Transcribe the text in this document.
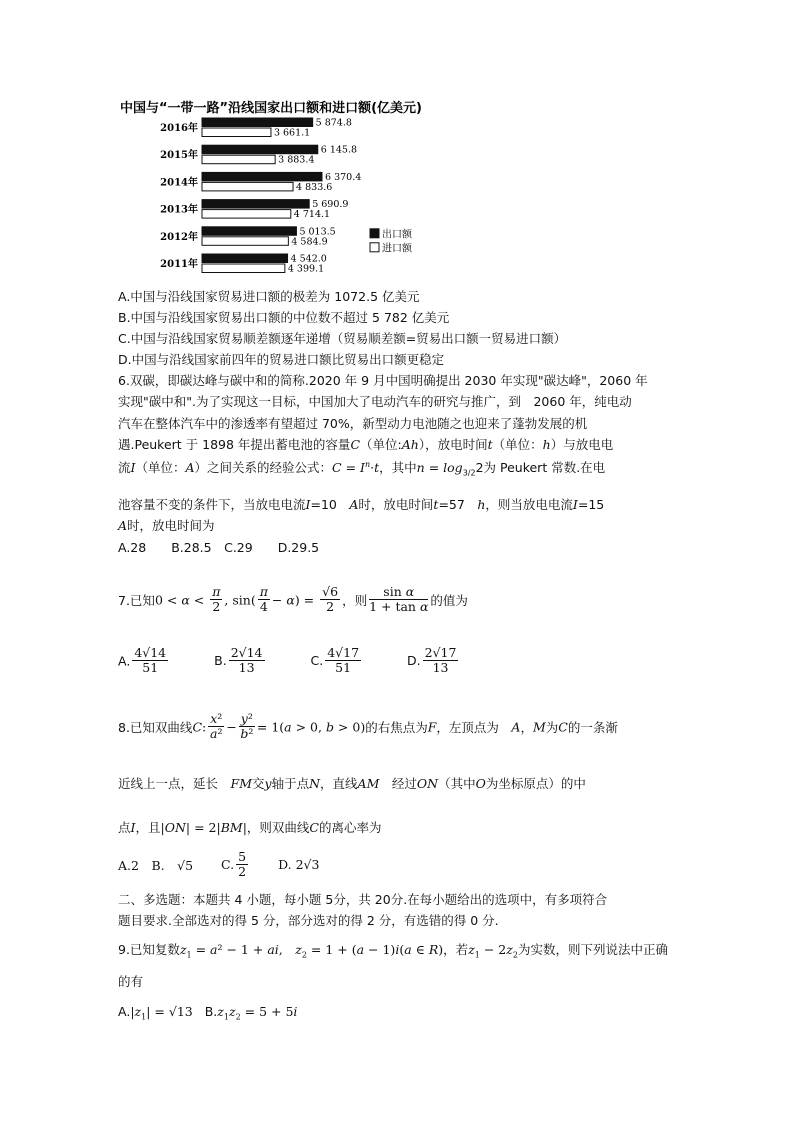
中国与“一带一路”沿线国家出口额和进口额(亿美元)
2016年	5 874.8
3 661.1
2015年	6 145.8
3 883.4
2014年	6 370.4
4 833.6
2013年	5 690.9
4 714.1
2012年	5 013.5
4 584.9
2011年	4 542.0
4 399.1
出口额
进口额
A.中国与沿线国家贸易进口额的极差为 1072.5 亿美元
B.中国与沿线国家贸易出口额的中位数不超过 5 782 亿美元
C.中国与沿线国家贸易顺差额逐年递增（贸易顺差额=贸易出口额一贸易进口额）
D.中国与沿线国家前四年的贸易进口额比贸易出口额更稳定
6.双碳，即碳达峰与碳中和的简称.2020 年 9 月中国明确提出 2030 年实现"碳达峰"，2060 年
实现"碳中和".为了实现这一目标，中国加大了电动汽车的研究与推广，到　2060 年，纯电动
汽车在整体汽车中的渗透率有望超过 70%，新型动力电池随之也迎来了蓬勃发展的机
遇.Peukert 于 1898 年提出蓄电池的容量C（单位:Ah），放电时间t（单位：h）与放电电
流I（单位：A）之间关系的经验公式：$C = I^n\cdot t$，其中$n = \log_{3/2}2$为 Peukert 常数.在电
池容量不变的条件下，当放电电流I=10　A时，放电时间t=57　h，则当放电电流I=15
A时，放电时间为
A.28　　B.28.5　C.29　　D.29.5
7.已知$0 < \alpha < \frac{\pi}{2}$ , $\sin( \frac{\pi}{4} - \alpha) = \frac{√6}{2}$ ，则 $\frac{\text{sin α}}{\text{1 + tan α}}$ 的值为
A. $\frac{4√14}{51}$	B. $\frac{2√14}{13}$	C. $\frac{4√17}{51}$	D. $\frac{2√17}{13}$
8.已知双曲线C: $\frac{\text{x²}}{\text{a²}} - \frac{\text{y²}}{\text{b²}} = 1(a > 0$, b > 0)的右焦点为F，左顶点为　A，M为C的一条渐
近线上一点，延长　FM交y轴于点N，直线AM　经过ON（其中O为坐标原点）的中
点I，且|ON| = 2|BM|，则双曲线C的离心率为
A.2　B.　√5 C. $\frac{5}{2} D$. 2√3
二、多选题：本题共 4 小题，每小题 5分，共 20分.在每小题给出的选项中，有多项符合
题目要求.全部选对的得 5 分，部分选对的得 2 分，有选错的得 0 分.
9.已知复数$z_1 = a^2 - 1$ + ai,　$z_2 = 1 + (a - 1)i(a$ ∈ R)，若$z_1 - 2z_2$为实数，则下列说法中正确
的有
$A.|z_1| = √13$ $B.z_1z_2 = 5 + 5i$
